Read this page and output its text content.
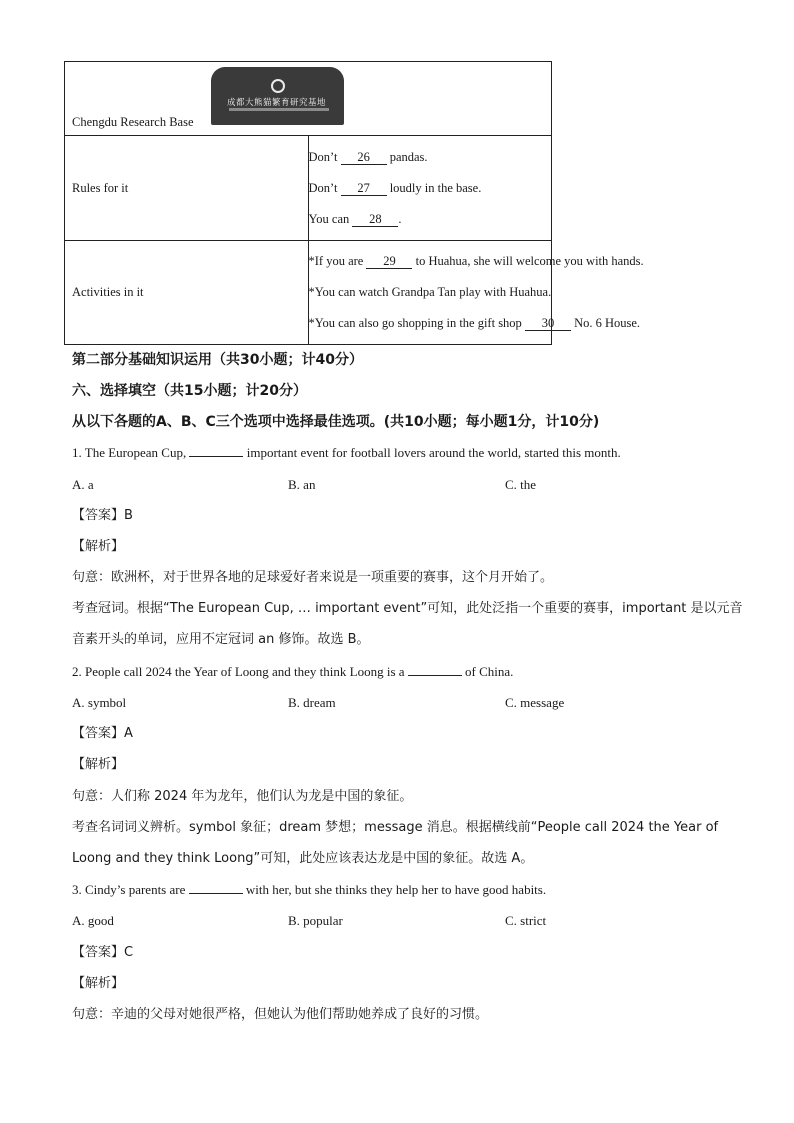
Chengdu Research Base
成都大熊猫繁育研究基地	

Rules for it	Don’t 26 pandas.
Don’t 27 loudly in the base.
You can 28 .

Activities in it	*If you are 29 to Huahua, she will welcome you with hands.
*You can watch Grandpa Tan play with Huahua.
*You can also go shopping in the gift shop 30 No. 6 House.
第二部分基础知识运用（共30小题；计40分）
六、选择填空（共15小题；计20分）
从以下各题的A、B、C三个选项中选择最佳选项。(共10小题；每小题1分，计10分)
1. The European Cup,	important event for football lovers around the world, started this month.
A. a	B. an	C. the
【答案】B
【解析】
句意：欧洲杯，对于世界各地的足球爱好者来说是一项重要的赛事，这个月开始了。
考查冠词。根据“The European Cup, … important event”可知，此处泛指一个重要的赛事，important 是以元音
音素开头的单词，应用不定冠词 an 修饰。故选 B。
2. People call 2024 the Year of Loong and they think Loong is a	of China.
A. symbol	B. dream	C. message
【答案】A
【解析】
句意：人们称 2024 年为龙年，他们认为龙是中国的象征。
考查名词词义辨析。symbol 象征；dream 梦想；message 消息。根据横线前“People call 2024 the Year of
Loong and they think Loong”可知，此处应该表达龙是中国的象征。故选 A。
3. Cindy’s parents are	with her, but she thinks they help her to have good habits.
A. good	B. popular	C. strict
【答案】C
【解析】
句意：辛迪的父母对她很严格，但她认为他们帮助她养成了良好的习惯。
